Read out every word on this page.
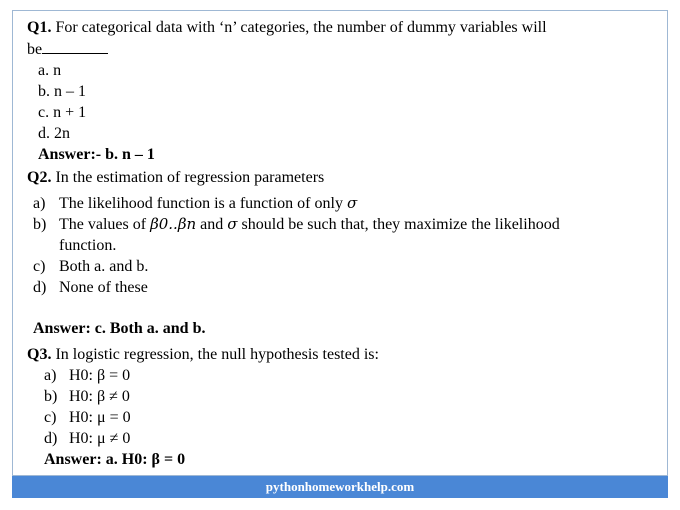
Q1. For categorical data with ‘n’ categories, the number of dummy variables will

be

a. n
b. n – 1
c. n + 1
d. 2n
Answer:- b. n – 1

Q2. In the estimation of regression parameters

a) The likelihood function is a function of only σ
b) The values of β0..βn and σ should be such that, they maximize the likelihood
function.
c) Both a. and b.
d) None of these

Answer: c. Both a. and b.

Q3. In logistic regression, the null hypothesis tested is:

a) H0: β = 0
b) H0: β ≠ 0
c) H0: μ = 0
d) H0: μ ≠ 0

Answer: a. H0: β = 0

pythonhomeworkhelp.com
